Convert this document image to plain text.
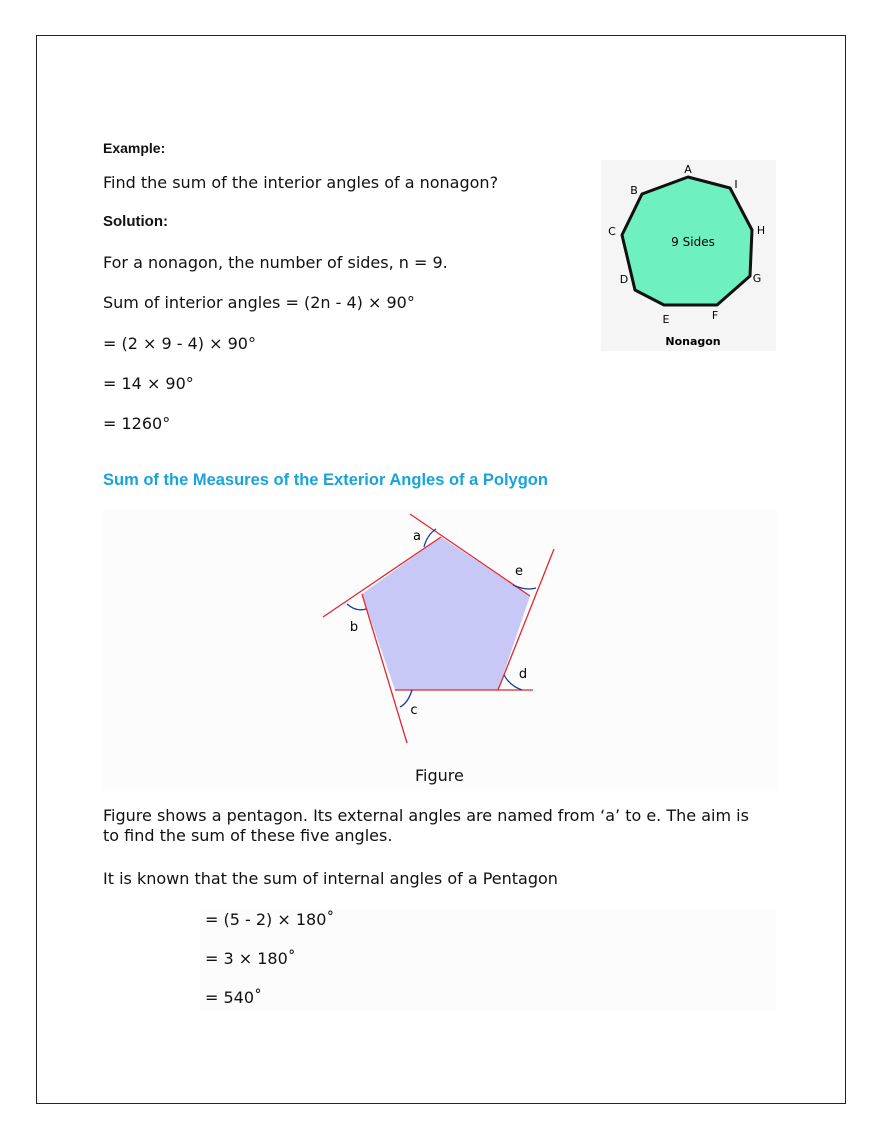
Example:
Find the sum of the interior angles of a nonagon?
Solution:
For a nonagon, the number of sides, n = 9.
Sum of interior angles = (2n - 4) × 90°
= (2 × 9 - 4) × 90°
= 14 × 90°
= 1260°
9 Sides
A
B
C
D
E	F
G
H
I
Nonagon
Sum of the Measures of the Exterior Angles of a Polygon
a
b
c
d
e
Figure
Figure shows a pentagon. Its external angles are named from ‘a’ to e. The aim is to find the sum of these five angles.
It is known that the sum of internal angles of a Pentagon
= (5 - 2) × 180˚
= 3 × 180˚
= 540˚
